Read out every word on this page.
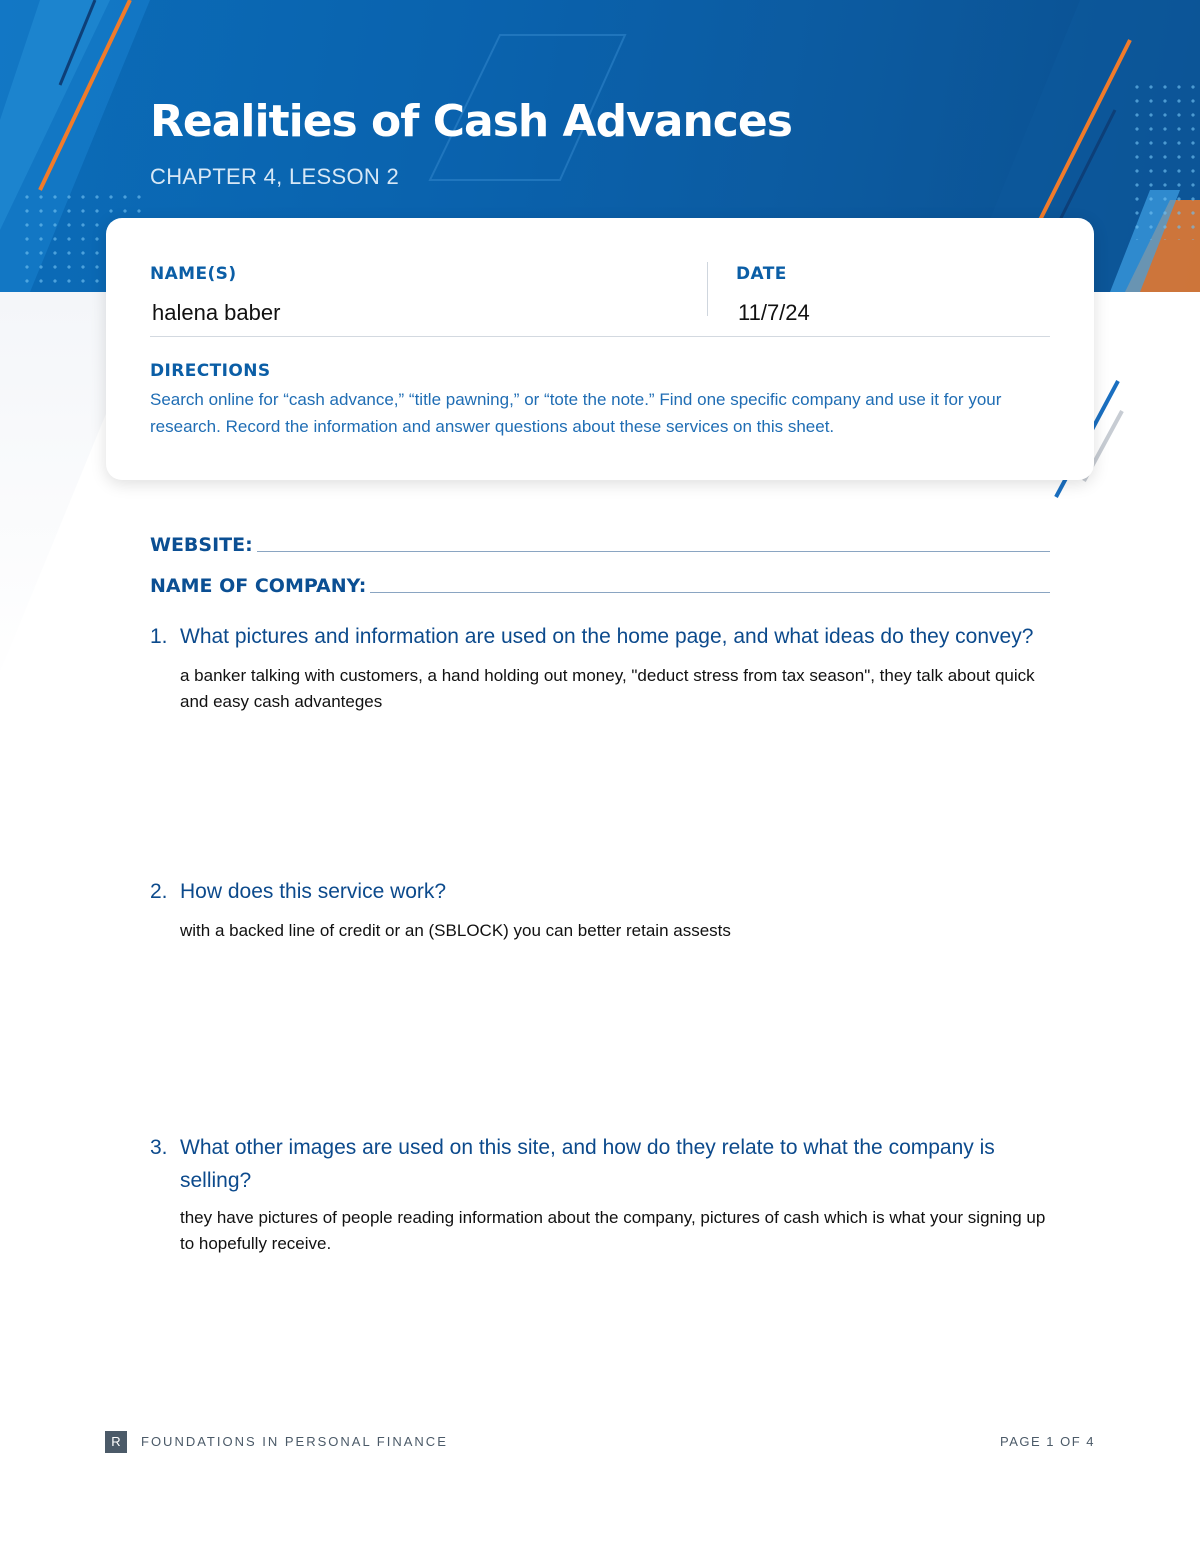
Realities of Cash Advances

CHAPTER 4, LESSON 2

NAME(S)
halena baber
DATE
11/7/24
DIRECTIONS

Search online for “cash advance,” “title pawning,” or “tote the note.” Find one specific company and use it for your research. Record the information and answer questions about these services on this sheet.

WEBSITE:
NAME OF COMPANY:
1. What pictures and information are used on the home page, and what ideas do they convey?

a banker talking with customers, a hand holding out money, "deduct stress from tax season", they talk about quick and easy cash advanteges

2. How does this service work?

with a backed line of credit or an (SBLOCK) you can better retain assests

3. What other images are used on this site, and how do they relate to what the company is selling?

they have pictures of people reading information about the company, pictures of cash which is what your signing up to hopefully receive.

R	FOUNDATIONS IN PERSONAL FINANCE	PAGE 1 OF 4
